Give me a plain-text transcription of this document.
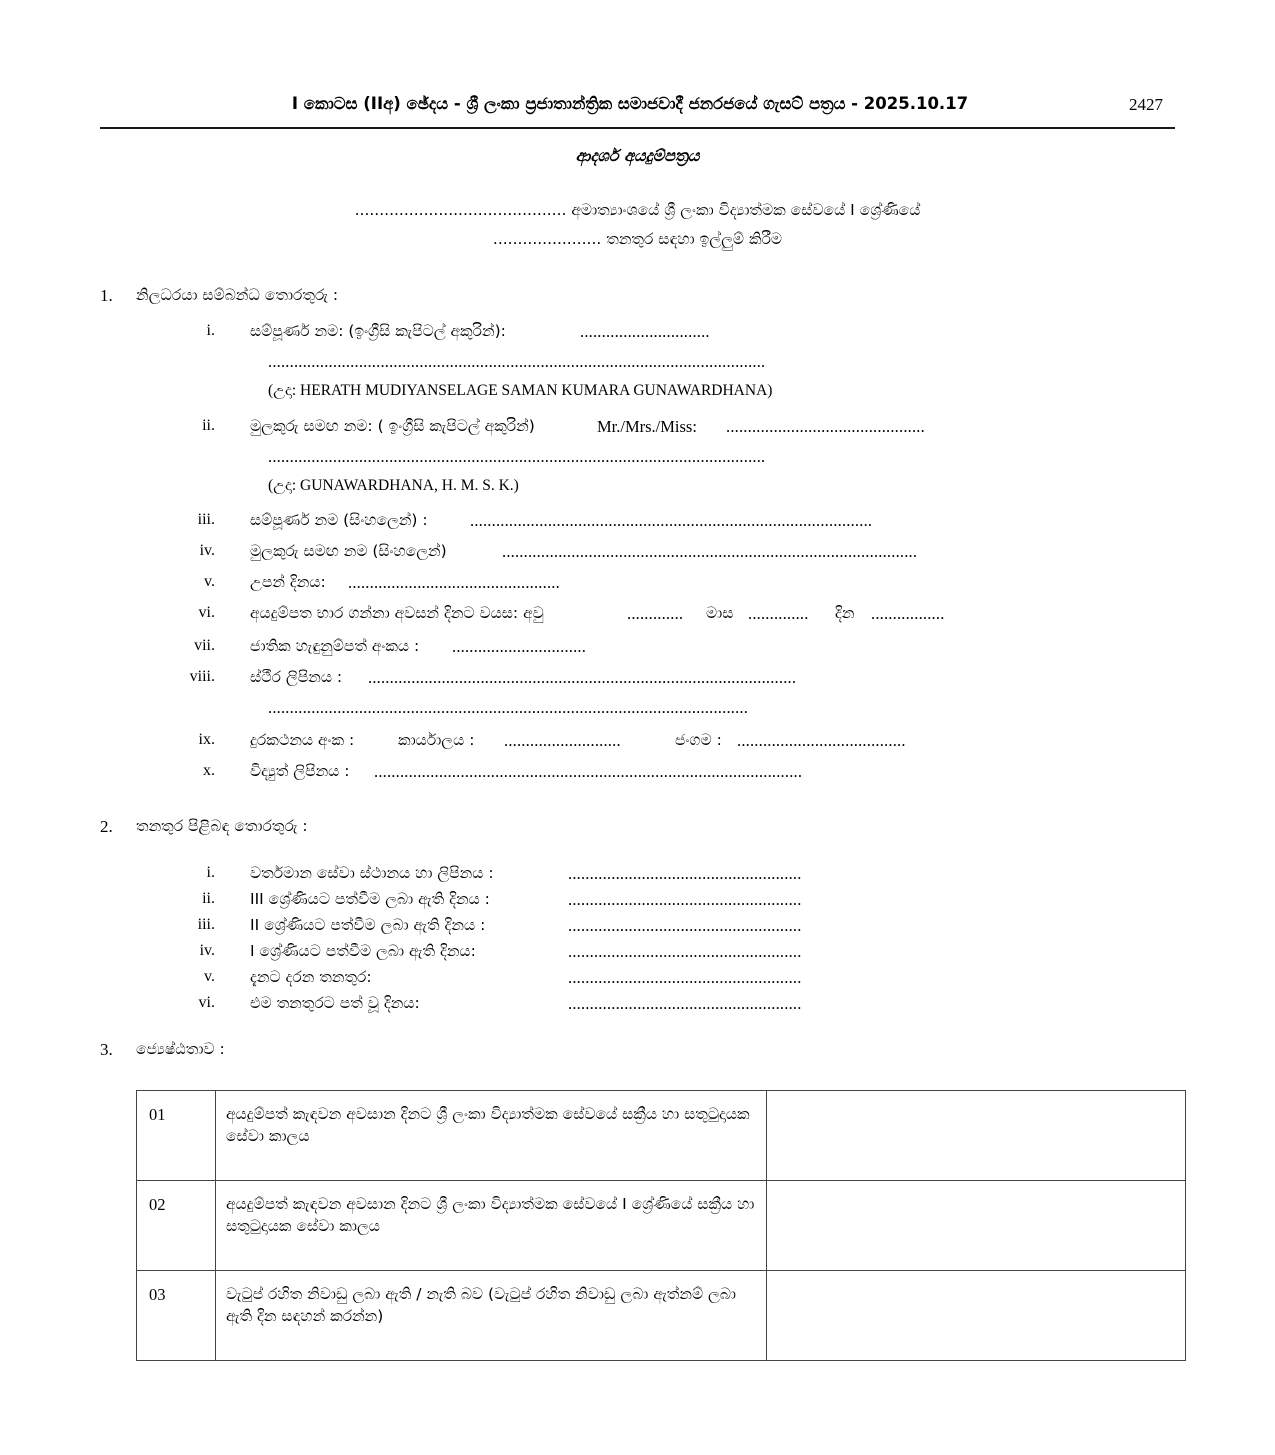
I කොටස (IIඅ) ඡේදය - ශ්‍රී ලංකා ප්‍රජාතාන්ත්‍රික සමාජවාදී ජනරජයේ ගැසට් පත්‍රය - 2025.10.17	2427
ආදර්ශ අයදුම්පත්‍රය
........................................... අමාත්‍යාංශයේ ශ්‍රී ලංකා විද්‍යාත්මක සේවයේ I ශ්‍රේණියේ
...................... තනතුර සඳහා ඉල්ලුම් කිරීම
1. නිලධරයා සම්බන්ධ තොරතුරු :
i. සම්පූර්ණ නම: (ඉංග්‍රීසි කැපිටල් අකුරින්):	..............................
...................................................................................................................
(උදා: HERATH MUDIYANSELAGE SAMAN KUMARA GUNAWARDHANA)
ii. මුලකුරු සමඟ නම: ( ඉංග්‍රීසි කැපිටල් අකුරින්)	Mr./Mrs./Miss: ..............................................
...................................................................................................................
(උදා: GUNAWARDHANA, H. M. S. K.)
iii. සම්පූර්ණ නම (සිංහලෙන්) :	.............................................................................................
iv. මුලකුරු සමඟ නම (සිංහලෙන්)	................................................................................................
v. උපන් දිනය: .................................................
vi. අයදුම්පත භාර ගන්නා අවසන් දිනට වයස: අවු	............. මාස .............. දින .................
vii. ජාතික හැඳුනුම්පත් අංකය : ...............................
viii. ස්ථීර ලිපිනය : ...................................................................................................
...............................................................................................................
ix. දුරකථනය අංක :	කාර්යාලය : ...........................	ජංගම : .......................................
x. විද්‍යුත් ලිපිනය : ...................................................................................................
2. තනතුර පිළිබඳ තොරතුරු :
i. වර්තමාන සේවා ස්ථානය හා ලිපිනය :	......................................................
ii. III ශ්‍රේණියට පත්වීම ලබා ඇති දිනය :	......................................................
iii. II ශ්‍රේණියට පත්වීම ලබා ඇති දිනය :	......................................................
iv. I ශ්‍රේණියට පත්වීම ලබා ඇති දිනය:	......................................................
v. දැනට දරන තනතුර:	......................................................
vi. එම තනතුරට පත් වූ දිනය:	......................................................
3. ජ්‍යෙෂ්ඨතාව :
01	අයදුම්පත් කැඳවන අවසාන දිනට ශ්‍රී ලංකා විද්‍යාත්මක සේවයේ සක්‍රීය හා සතුටුදායක සේවා කාලය	
02	අයදුම්පත් කැඳවන අවසාන දිනට ශ්‍රී ලංකා විද්‍යාත්මක සේවයේ I ශ්‍රේණියේ සක්‍රීය හා සතුටුදායක සේවා කාලය	
03	වැටුප් රහිත නිවාඩු ලබා ඇති / නැති බව (වැටුප් රහිත නිවාඩු ලබා ඇත්නම් ලබා ඇති දින සඳහන් කරන්න)	
